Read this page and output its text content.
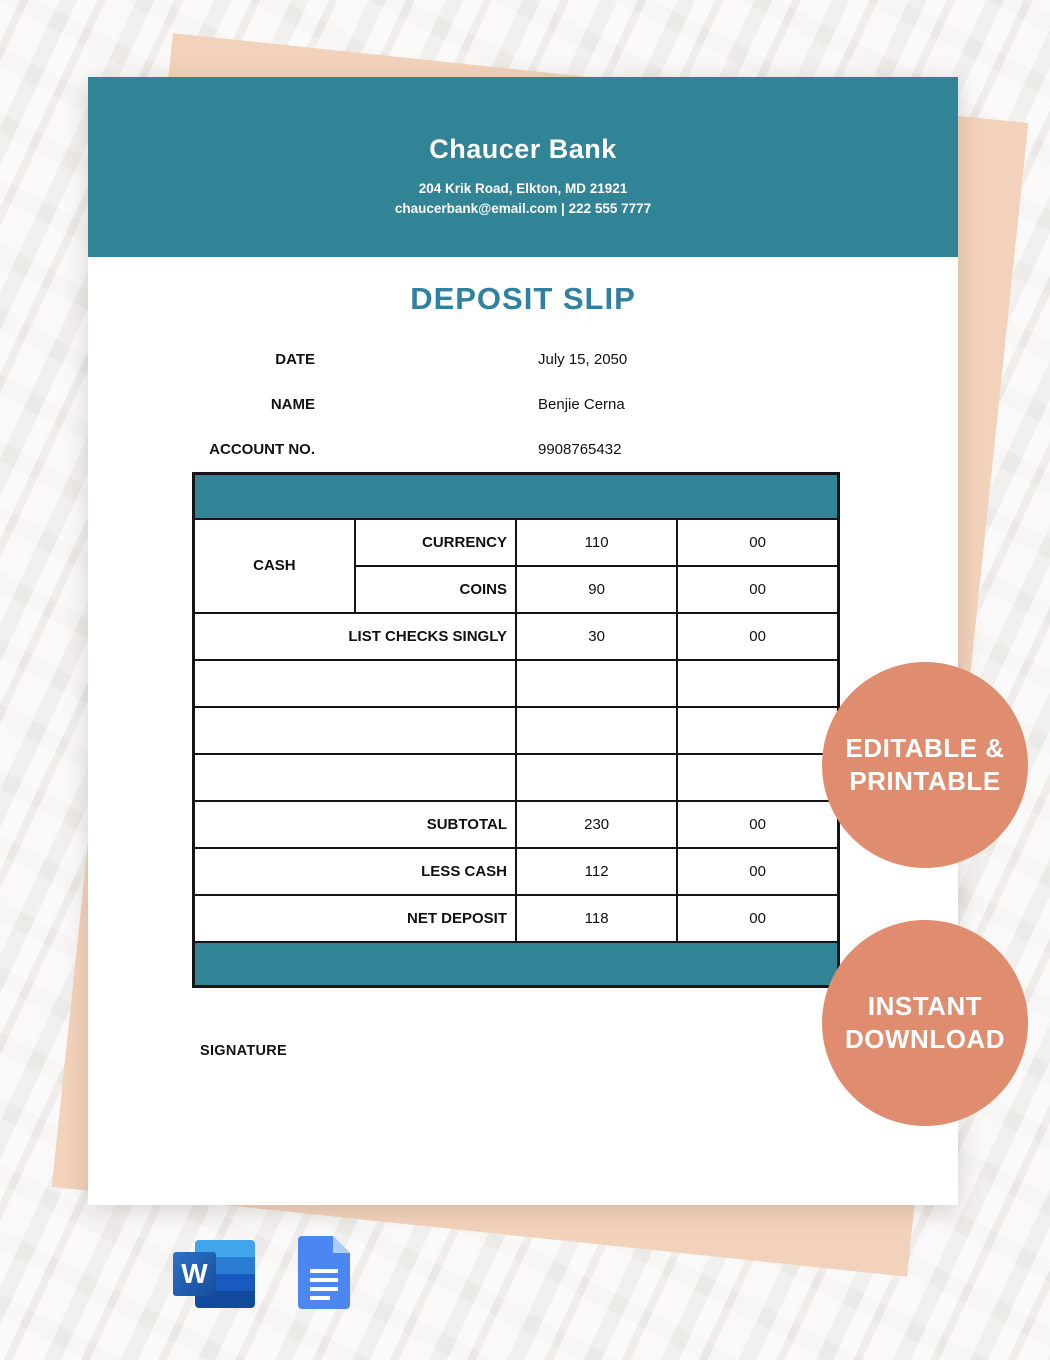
Chaucer Bank
204 Krik Road, Elkton, MD 21921
chaucerbank@email.com | 222 555 7777
DEPOSIT SLIP
DATE	July 15, 2050
NAME	Benjie Cerna
ACCOUNT NO.	9908765432

CASH	CURRENCY	110	00
	COINS	90	00
LIST CHECKS SINGLY		30	00

SUBTOTAL		230	00
LESS CASH		112	00
NET DEPOSIT		118	00

SIGNATURE
EDITABLE &
PRINTABLE
INSTANT
DOWNLOAD
W
